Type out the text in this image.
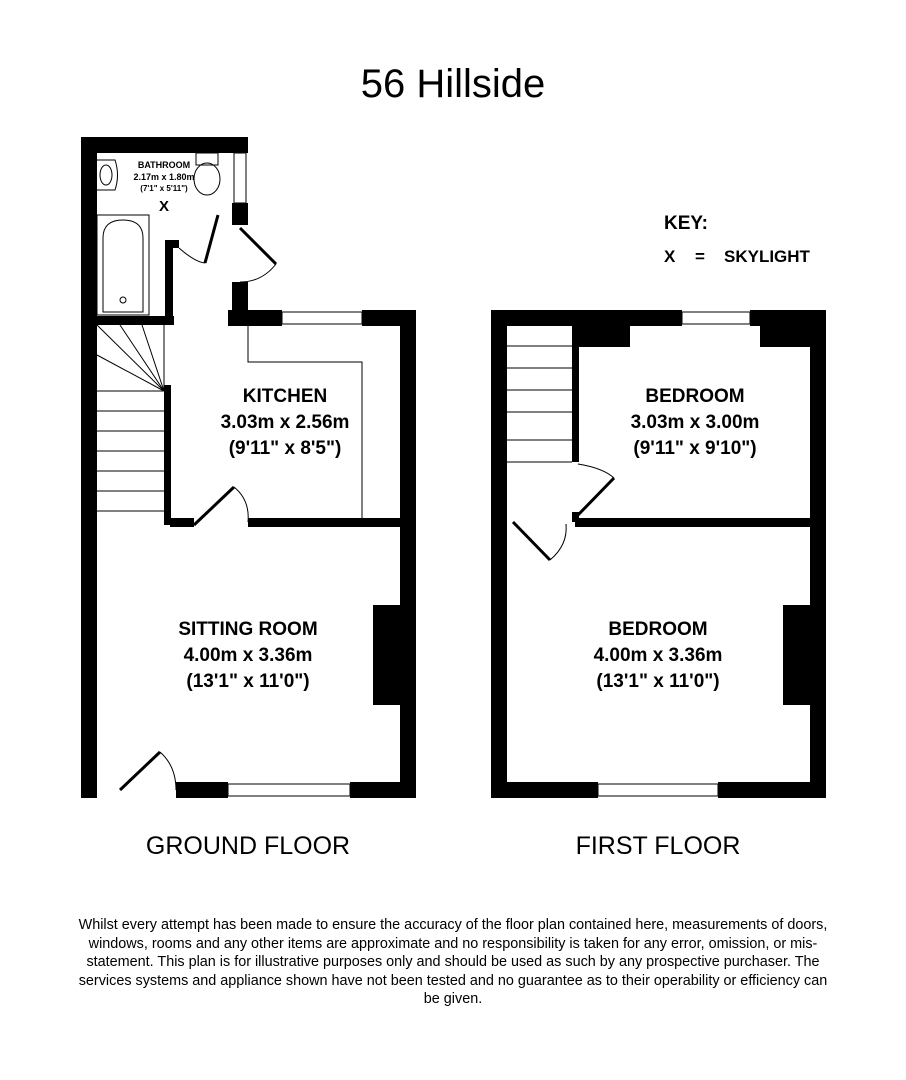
56 Hillside
BATHROOM
2.17m x 1.80m
(7'1" x 5'11")
X
KITCHEN
3.03m x 2.56m
(9'11" x 8'5")
SITTING ROOM
4.00m x 3.36m
(13'1" x 11'0")
BEDROOM
3.03m x 3.00m
(9'11" x 9'10")
BEDROOM
4.00m x 3.36m
(13'1" x 11'0")
KEY:
X = SKYLIGHT
GROUND FLOOR	FIRST FLOOR
Whilst every attempt has been made to ensure the accuracy of the floor plan contained here, measurements of doors, windows, rooms and any other items are approximate and no responsibility is taken for any error, omission, or mis-statement. This plan is for illustrative purposes only and should be used as such by any prospective purchaser. The services systems and appliance shown have not been tested and no guarantee as to their operability or efficiency can be given.
